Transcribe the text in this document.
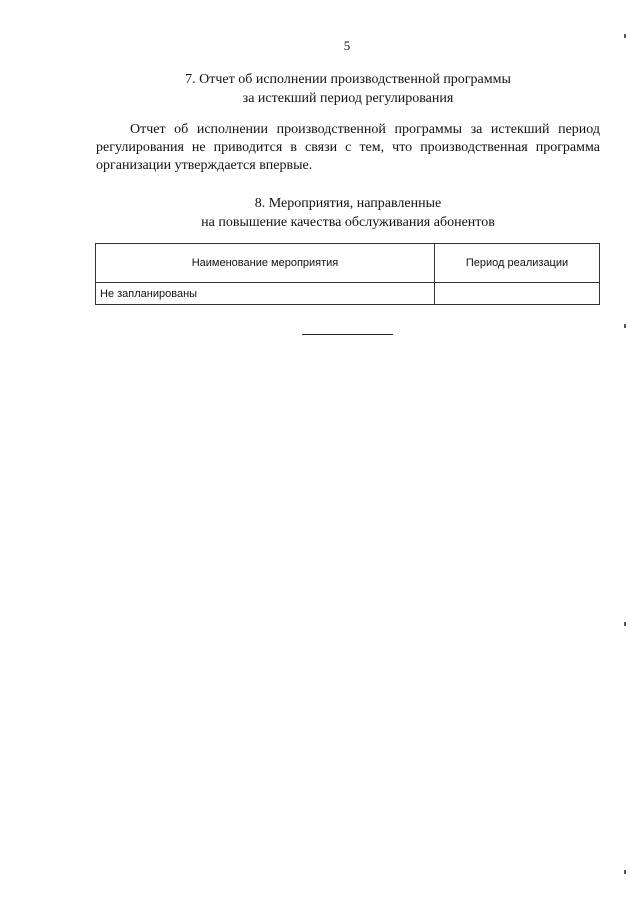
5
7. Отчет об исполнении производственной программы
за истекший период регулирования
Отчет об исполнении производственной программы за истекший период регулирования не приводится в связи с тем, что производственная программа организации утверждается впервые.
8. Мероприятия, направленные
на повышение качества обслуживания абонентов
Наименование мероприятия	Период реализации
Не запланированы	
